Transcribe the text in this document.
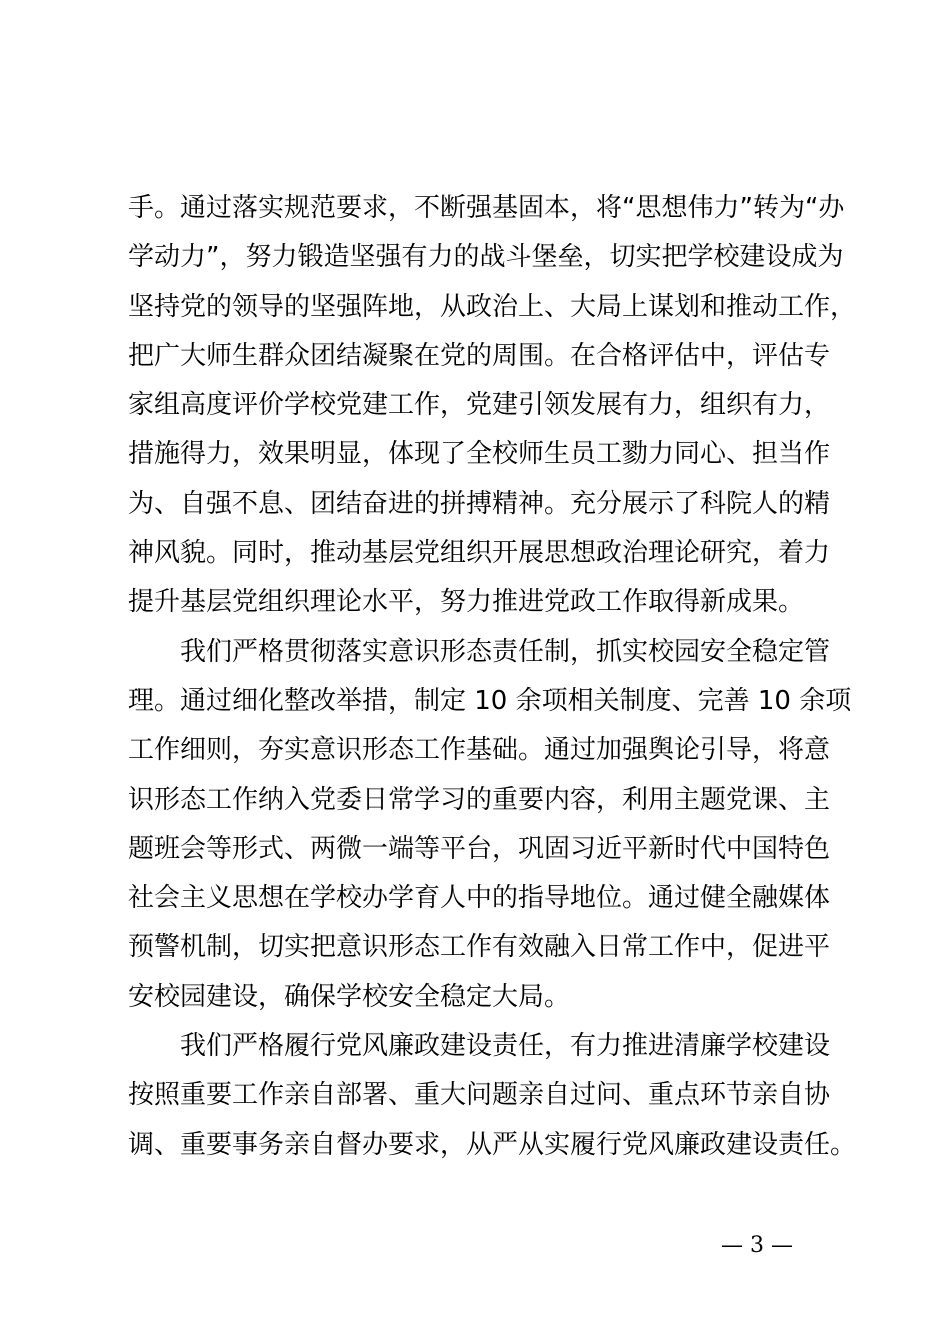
手。通过落实规范要求，不断强基固本，将“思想伟力”转为“办
学动力”，努力锻造坚强有力的战斗堡垒，切实把学校建设成为
坚持党的领导的坚强阵地，从政治上、大局上谋划和推动工作，
把广大师生群众团结凝聚在党的周围。在合格评估中，评估专
家组高度评价学校党建工作，党建引领发展有力，组织有力，
措施得力，效果明显，体现了全校师生员工勠力同心、担当作
为、自强不息、团结奋进的拼搏精神。充分展示了科院人的精
神风貌。同时，推动基层党组织开展思想政治理论研究，着力
提升基层党组织理论水平，努力推进党政工作取得新成果。
　　我们严格贯彻落实意识形态责任制，抓实校园安全稳定管
理。通过细化整改举措，制定 10 余项相关制度、完善 10 余项
工作细则，夯实意识形态工作基础。通过加强舆论引导，将意
识形态工作纳入党委日常学习的重要内容，利用主题党课、主
题班会等形式、两微一端等平台，巩固习近平新时代中国特色
社会主义思想在学校办学育人中的指导地位。通过健全融媒体
预警机制，切实把意识形态工作有效融入日常工作中，促进平
安校园建设，确保学校安全稳定大局。
　　我们严格履行党风廉政建设责任，有力推进清廉学校建设
按照重要工作亲自部署、重大问题亲自过问、重点环节亲自协
调、重要事务亲自督办要求，从严从实履行党风廉政建设责任。
— 3 —
